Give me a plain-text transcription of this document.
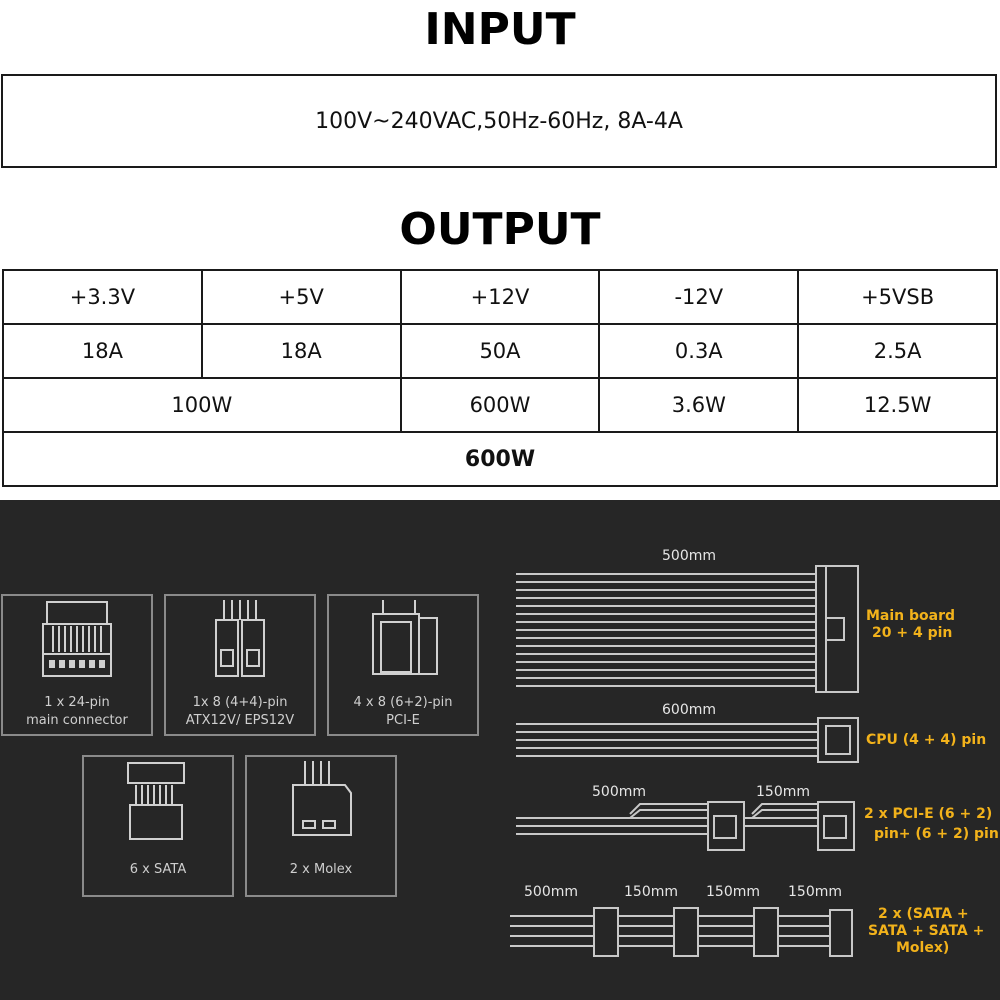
INPUT
100V~240VAC,50Hz-60Hz, 8A-4A
OUTPUT
+3.3V	+5V	+12V	-12V	+5VSB
18A	18A	50A	0.3A	2.5A
100W		600W	3.6W	12.5W
600W				
1 x 24-pin
main connector
1x 8 (4+4)-pin
ATX12V/ EPS12V
4 x 8 (6+2)-pin
PCI-E
6 x SATA	2 x Molex
500mm
600mm
500mm	150mm
500mm	150mm 150mm 150mm
Main board
20 + 4 pin
CPU (4 + 4) pin
2 x PCI-E (6 + 2)
pin+ (6 + 2) pin
2 x (SATA +
SATA + SATA +
Molex)
